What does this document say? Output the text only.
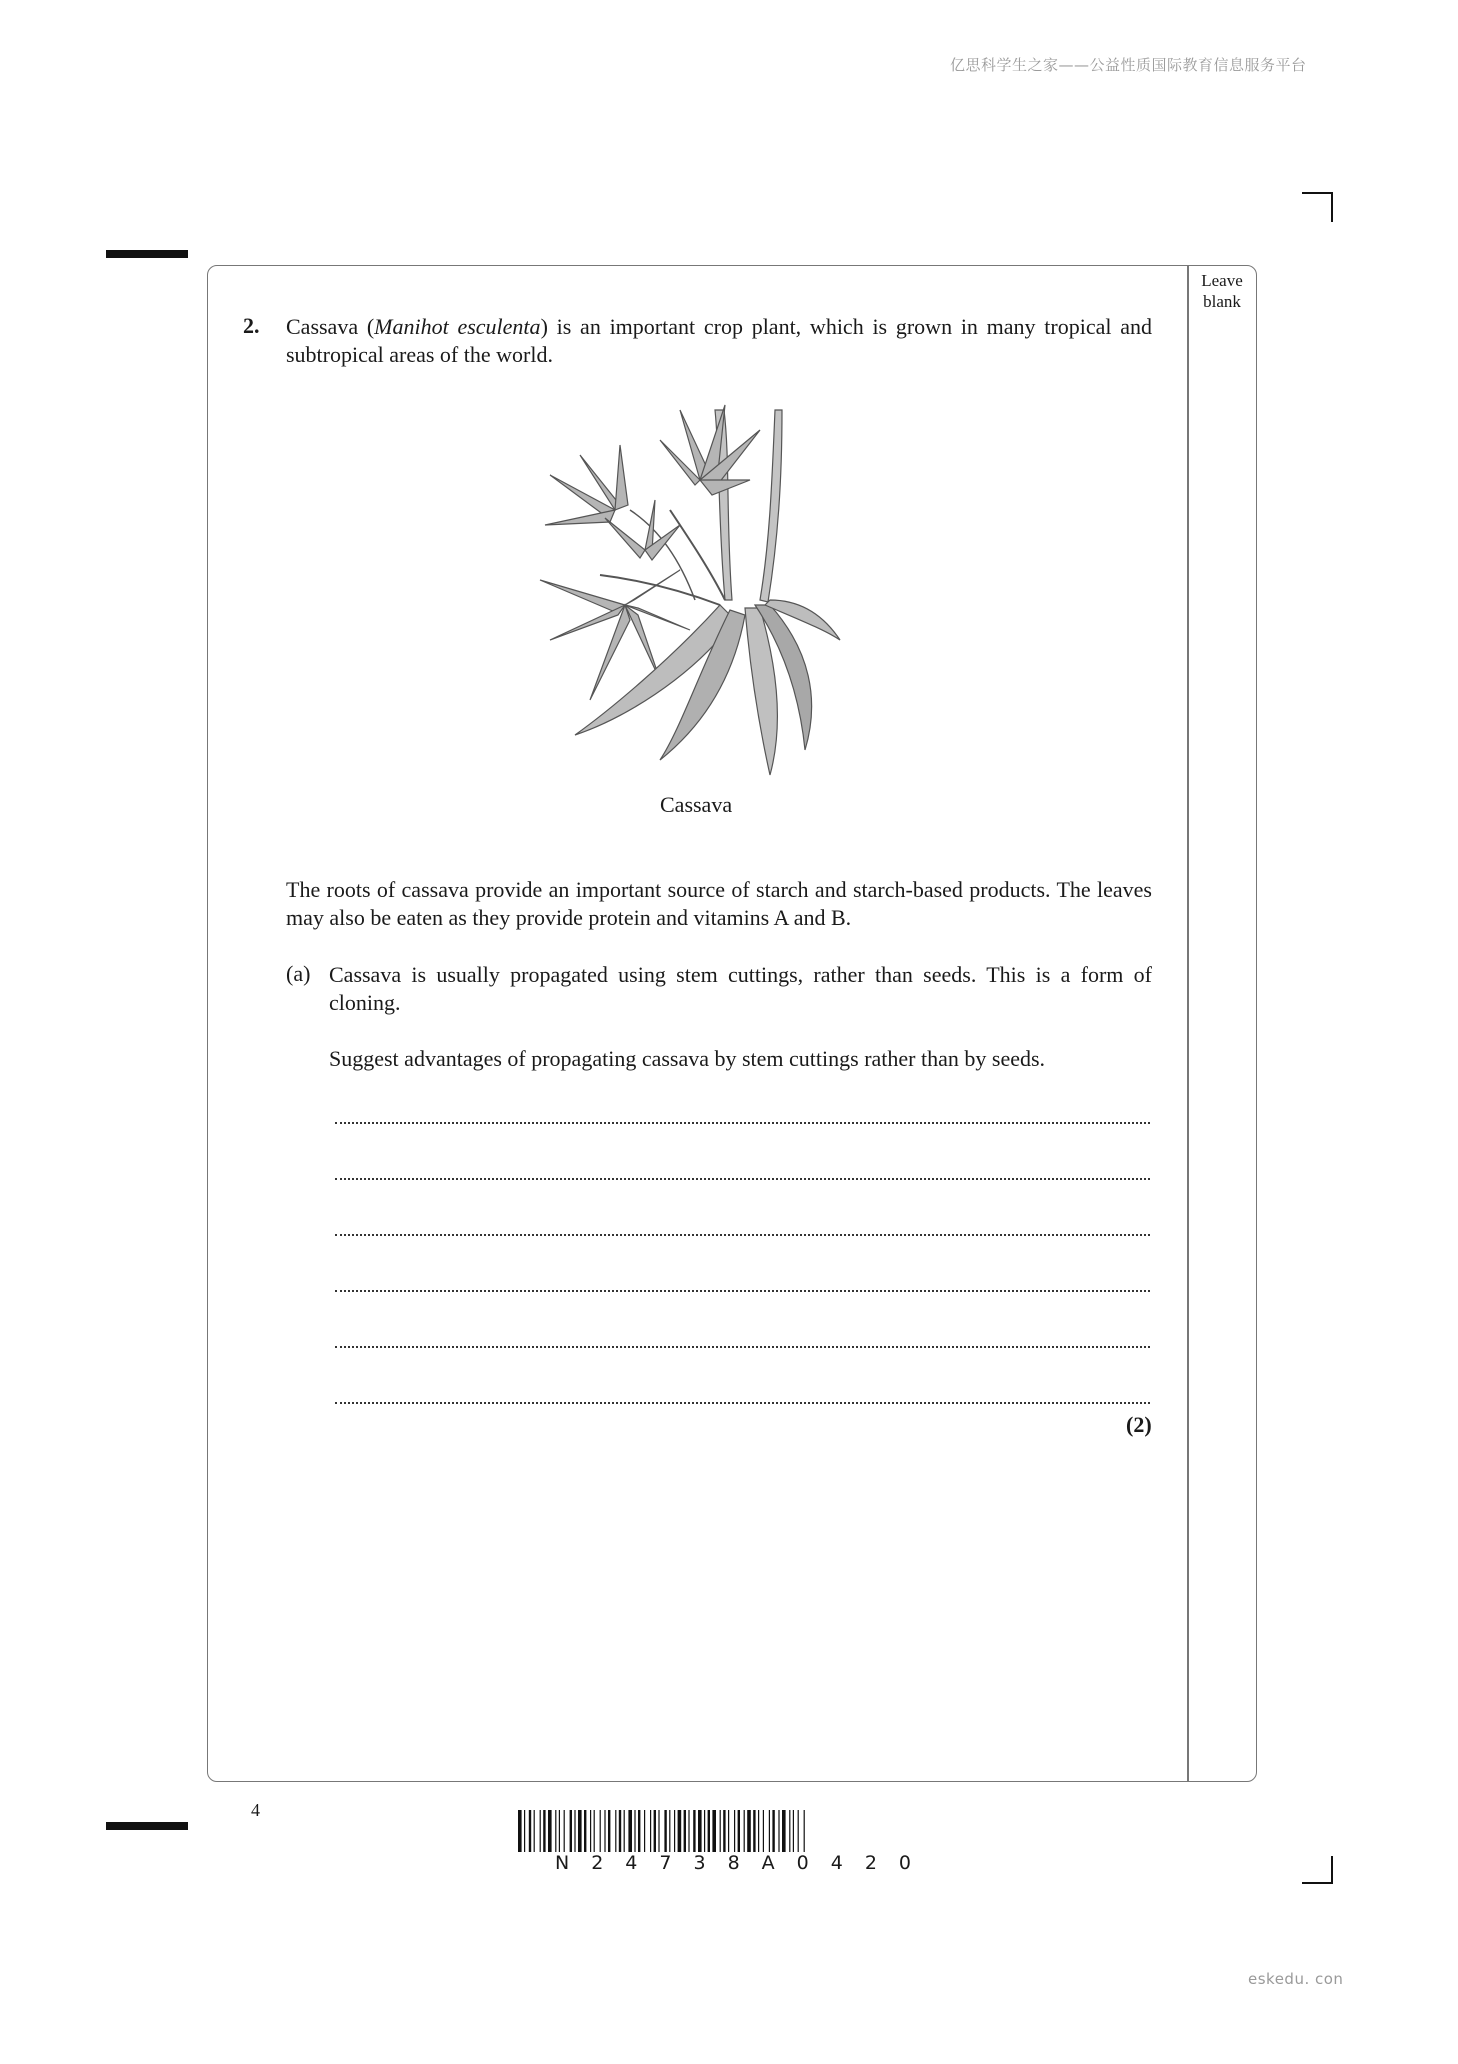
亿思科学生之家——公益性质国际教育信息服务平台
eskedu. con
Leave blank
2. Cassava (Manihot esculenta) is an important crop plant, which is grown in many tropical and subtropical areas of the world.
Cassava
The roots of cassava provide an important source of starch and starch-based products. The leaves may also be eaten as they provide protein and vitamins A and B.
(a) Cassava is usually propagated using stem cuttings, rather than seeds. This is a form of cloning.
Suggest advantages of propagating cassava by stem cuttings rather than by seeds.
(2)
4
N24738A0420
